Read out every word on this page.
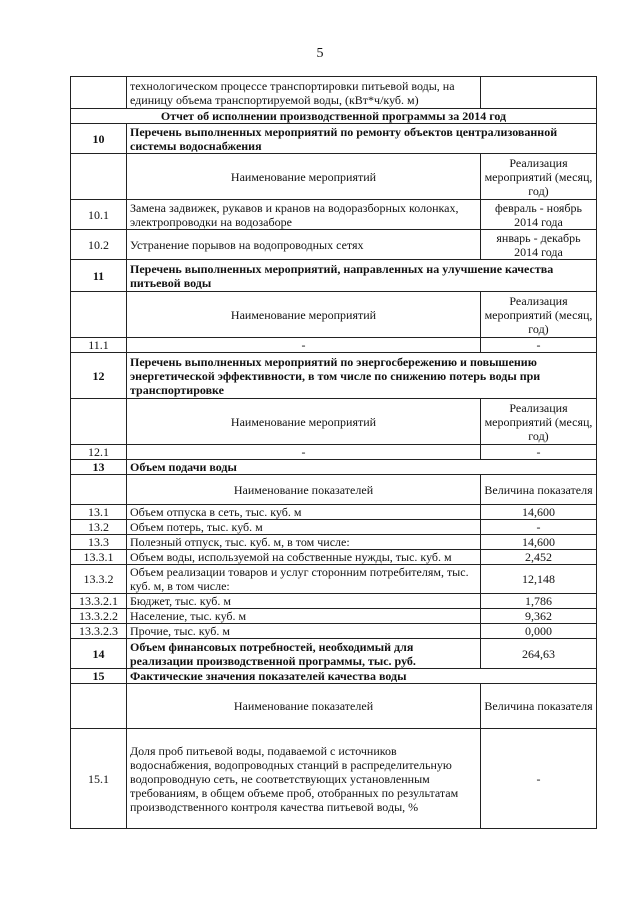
5
	технологическом процессе транспортировки питьевой воды, на единицу объема транспортируемой воды, (кВт*ч/куб. м)	
Отчет об исполнении производственной программы за 2014 год		
10	Перечень выполненных мероприятий по ремонту объектов централизованной системы водоснабжения	
	Наименование мероприятий	Реализация мероприятий (месяц, год)
10.1	Замена задвижек, рукавов и кранов на водоразборных колонках, электропроводки на водозаборе	февраль - ноябрь 2014 года
10.2	Устранение порывов на водопроводных сетях	январь - декабрь 2014 года
11	Перечень выполненных мероприятий, направленных на улучшение качества питьевой воды	
	Наименование мероприятий	Реализация мероприятий (месяц, год)
11.1	-	-
12	Перечень выполненных мероприятий по энергосбережению и повышению энергетической эффективности, в том числе по снижению потерь воды при транспортировке	
	Наименование мероприятий	Реализация мероприятий (месяц, год)
12.1	-	-
13	Объем подачи воды	
	Наименование показателей	Величина показателя
13.1	Объем отпуска в сеть, тыс. куб. м	14,600
13.2	Объем потерь, тыс. куб. м	-
13.3	Полезный отпуск, тыс. куб. м, в том числе:	14,600
13.3.1	Объем воды, используемой на собственные нужды, тыс. куб. м	2,452
13.3.2	Объем реализации товаров и услуг сторонним потребителям, тыс. куб. м, в том числе:	12,148
13.3.2.1	Бюджет, тыс. куб. м	1,786
13.3.2.2	Население, тыс. куб. м	9,362
13.3.2.3	Прочие, тыс. куб. м	0,000
14	Объем финансовых потребностей, необходимый для реализации производственной программы, тыс. руб.	264,63
15	Фактические значения показателей качества воды	
	Наименование показателей	Величина показателя
15.1	Доля проб питьевой воды, подаваемой с источников водоснабжения, водопроводных станций в распределительную водопроводную сеть, не соответствующих установленным требованиям, в общем объеме проб, отобранных по результатам производственного контроля качества питьевой воды, %	-
